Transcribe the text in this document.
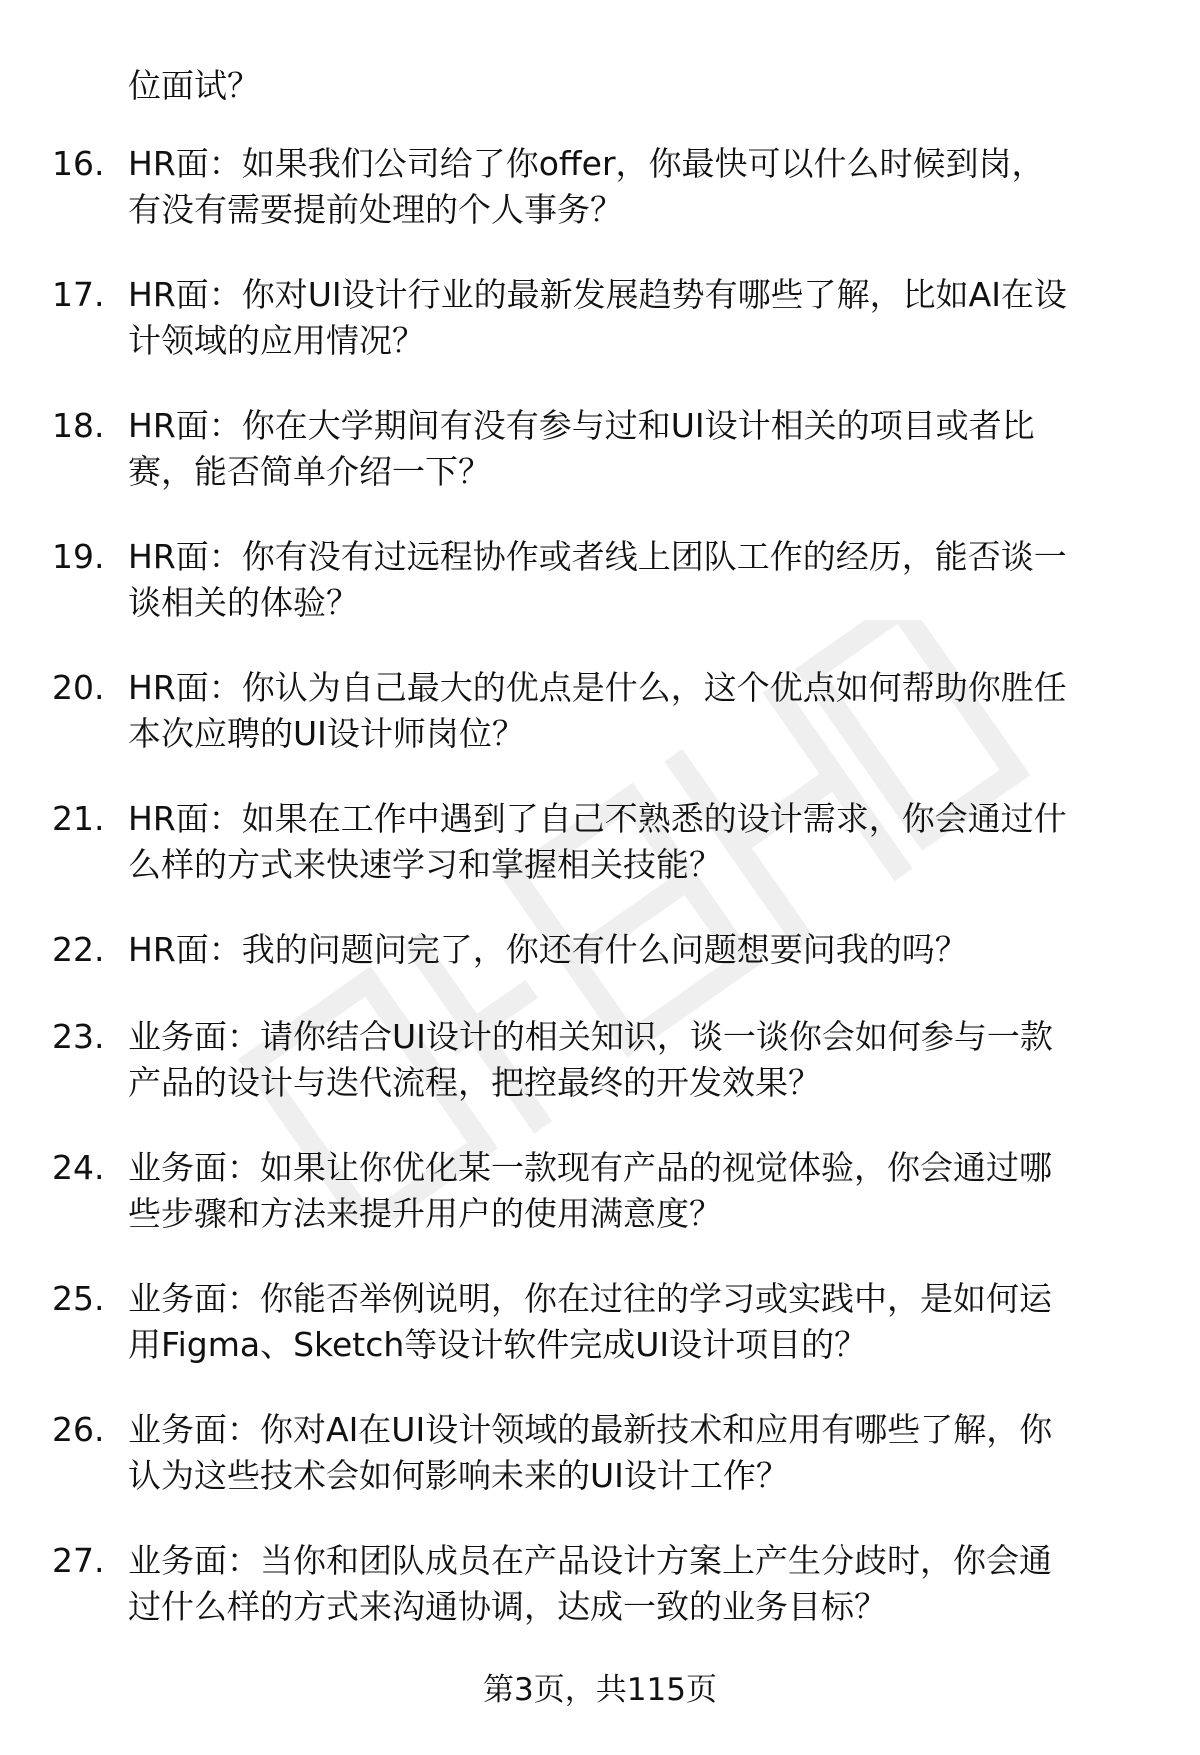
位面试？
16. HR面：如果我们公司给了你offer，你最快可以什么时候到岗，
有没有需要提前处理的个人事务？
17. HR面：你对UI设计行业的最新发展趋势有哪些了解，比如AI在设
计领域的应用情况？
18. HR面：你在大学期间有没有参与过和UI设计相关的项目或者比
赛，能否简单介绍一下？
19. HR面：你有没有过远程协作或者线上团队工作的经历，能否谈一
谈相关的体验？
20. HR面：你认为自己最大的优点是什么，这个优点如何帮助你胜任
本次应聘的UI设计师岗位？
21. HR面：如果在工作中遇到了自己不熟悉的设计需求，你会通过什
么样的方式来快速学习和掌握相关技能？
22. HR面：我的问题问完了，你还有什么问题想要问我的吗？
23. 业务面：请你结合UI设计的相关知识，谈一谈你会如何参与一款
产品的设计与迭代流程，把控最终的开发效果？
24. 业务面：如果让你优化某一款现有产品的视觉体验，你会通过哪
些步骤和方法来提升用户的使用满意度？
25. 业务面：你能否举例说明，你在过往的学习或实践中，是如何运
用Figma、Sketch等设计软件完成UI设计项目的？
26. 业务面：你对AI在UI设计领域的最新技术和应用有哪些了解，你
认为这些技术会如何影响未来的UI设计工作？
27. 业务面：当你和团队成员在产品设计方案上产生分歧时，你会通
过什么样的方式来沟通协调，达成一致的业务目标？
第3页，共115页
